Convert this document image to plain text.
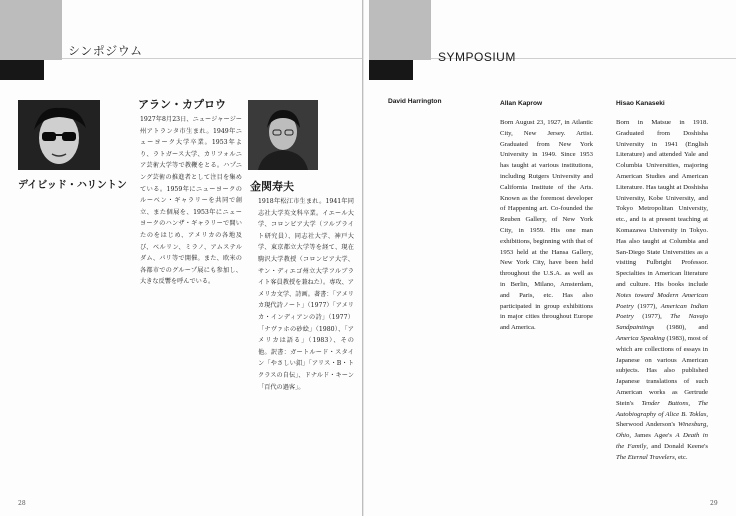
シンポジウム
デイビッド・ハリントン
アラン・カプロウ
1927年8月23日、ニュージャージー州アトランタ市生まれ。1949年ニューヨーク大学卒業。1953年より、ラトガース大学、カリフォルニア芸術大学等で教鞭をとる。ハプニング芸術の推進者として注目を集めている。1959年にニューヨークのルーベン・ギャラリーを共同で創立、また個展を、1953年にニューヨークのハンザ・ギャラリーで開いたのをはじめ、アメリカの各地及び、ベルリン、ミラノ、アムステルダム、パリ等で開催。また、欧米の各都市でのグループ展にも参加し、大きな反響を呼んでいる。
金関寿夫
1918年松江市生まれ。1941年同志社大学英文科卒業。イエール大学、コロンビア大学（フルブライト研究員）、同志社大学、神戸大学、東京都立大学等を経て、現在駒沢大学教授（コロンビア大学、サン・ディエゴ州立大学フルブライト客員教授を兼ねた）。専攻、アメリカ文学、詩画。著書：「アメリカ現代詩ノート」（1977）「アメリカ・インディアンの詩」（1977）「ナヴァホの砂絵」（1980）、「アメリカは語る」（1983）、その他。訳書：ガートルード・スタイン「やさしい釦」「アリス・B・トクラスの自伝」、ドナルド・キーン「百代の過客」。
28
SYMPOSIUM
David Harrington	Allan Kaprow
Born August 23, 1927, in Atlantic City, New Jersey. Artist. Graduated from New York University in 1949. Since 1953 has taught at various institutions, including Rutgers University and California Institute of the Arts. Known as the foremost developer of Happening art. Co-founded the Reuben Gallery, of New York City, in 1959. His one man exhibitions, beginning with that of 1953 held at the Hansa Gallery, New York City, have been held throughout the U.S.A. as well as in Berlin, Milano, Amsterdam, and Paris, etc. Has also participated in group exhibitions in major cities throughout Europe and America.
Hisao Kanaseki
Born in Matsue in 1918. Graduated from Doshisha University in 1941 (English Literature) and attended Yale and Columbia Universities, majoring American Studies and American Literature. Has taught at Doshisha University, Kobe University, and Tokyo Metropolitan University, etc., and is at present teaching at Komazawa University in Tokyo. Has also taught at Columbia and San-Diego State Universities as a visiting Fulbright Professor. Specialties in American literature and culture. His books include Notes toward Modern American Poetry (1977), American Indian Poetry (1977), The Navajo Sandpaintings (1980), and America Speaking (1983), most of which are collections of essays in Japanese on various American subjects. Has also published Japanese translations of such American works as Gertrude Stein's Tender Buttons, The Autobiography of Alice B. Toklas, Sherwood Anderson's Winesburg, Ohio, James Agee's A Death in the Family, and Donald Keene's The Eternal Travelers, etc.
29
